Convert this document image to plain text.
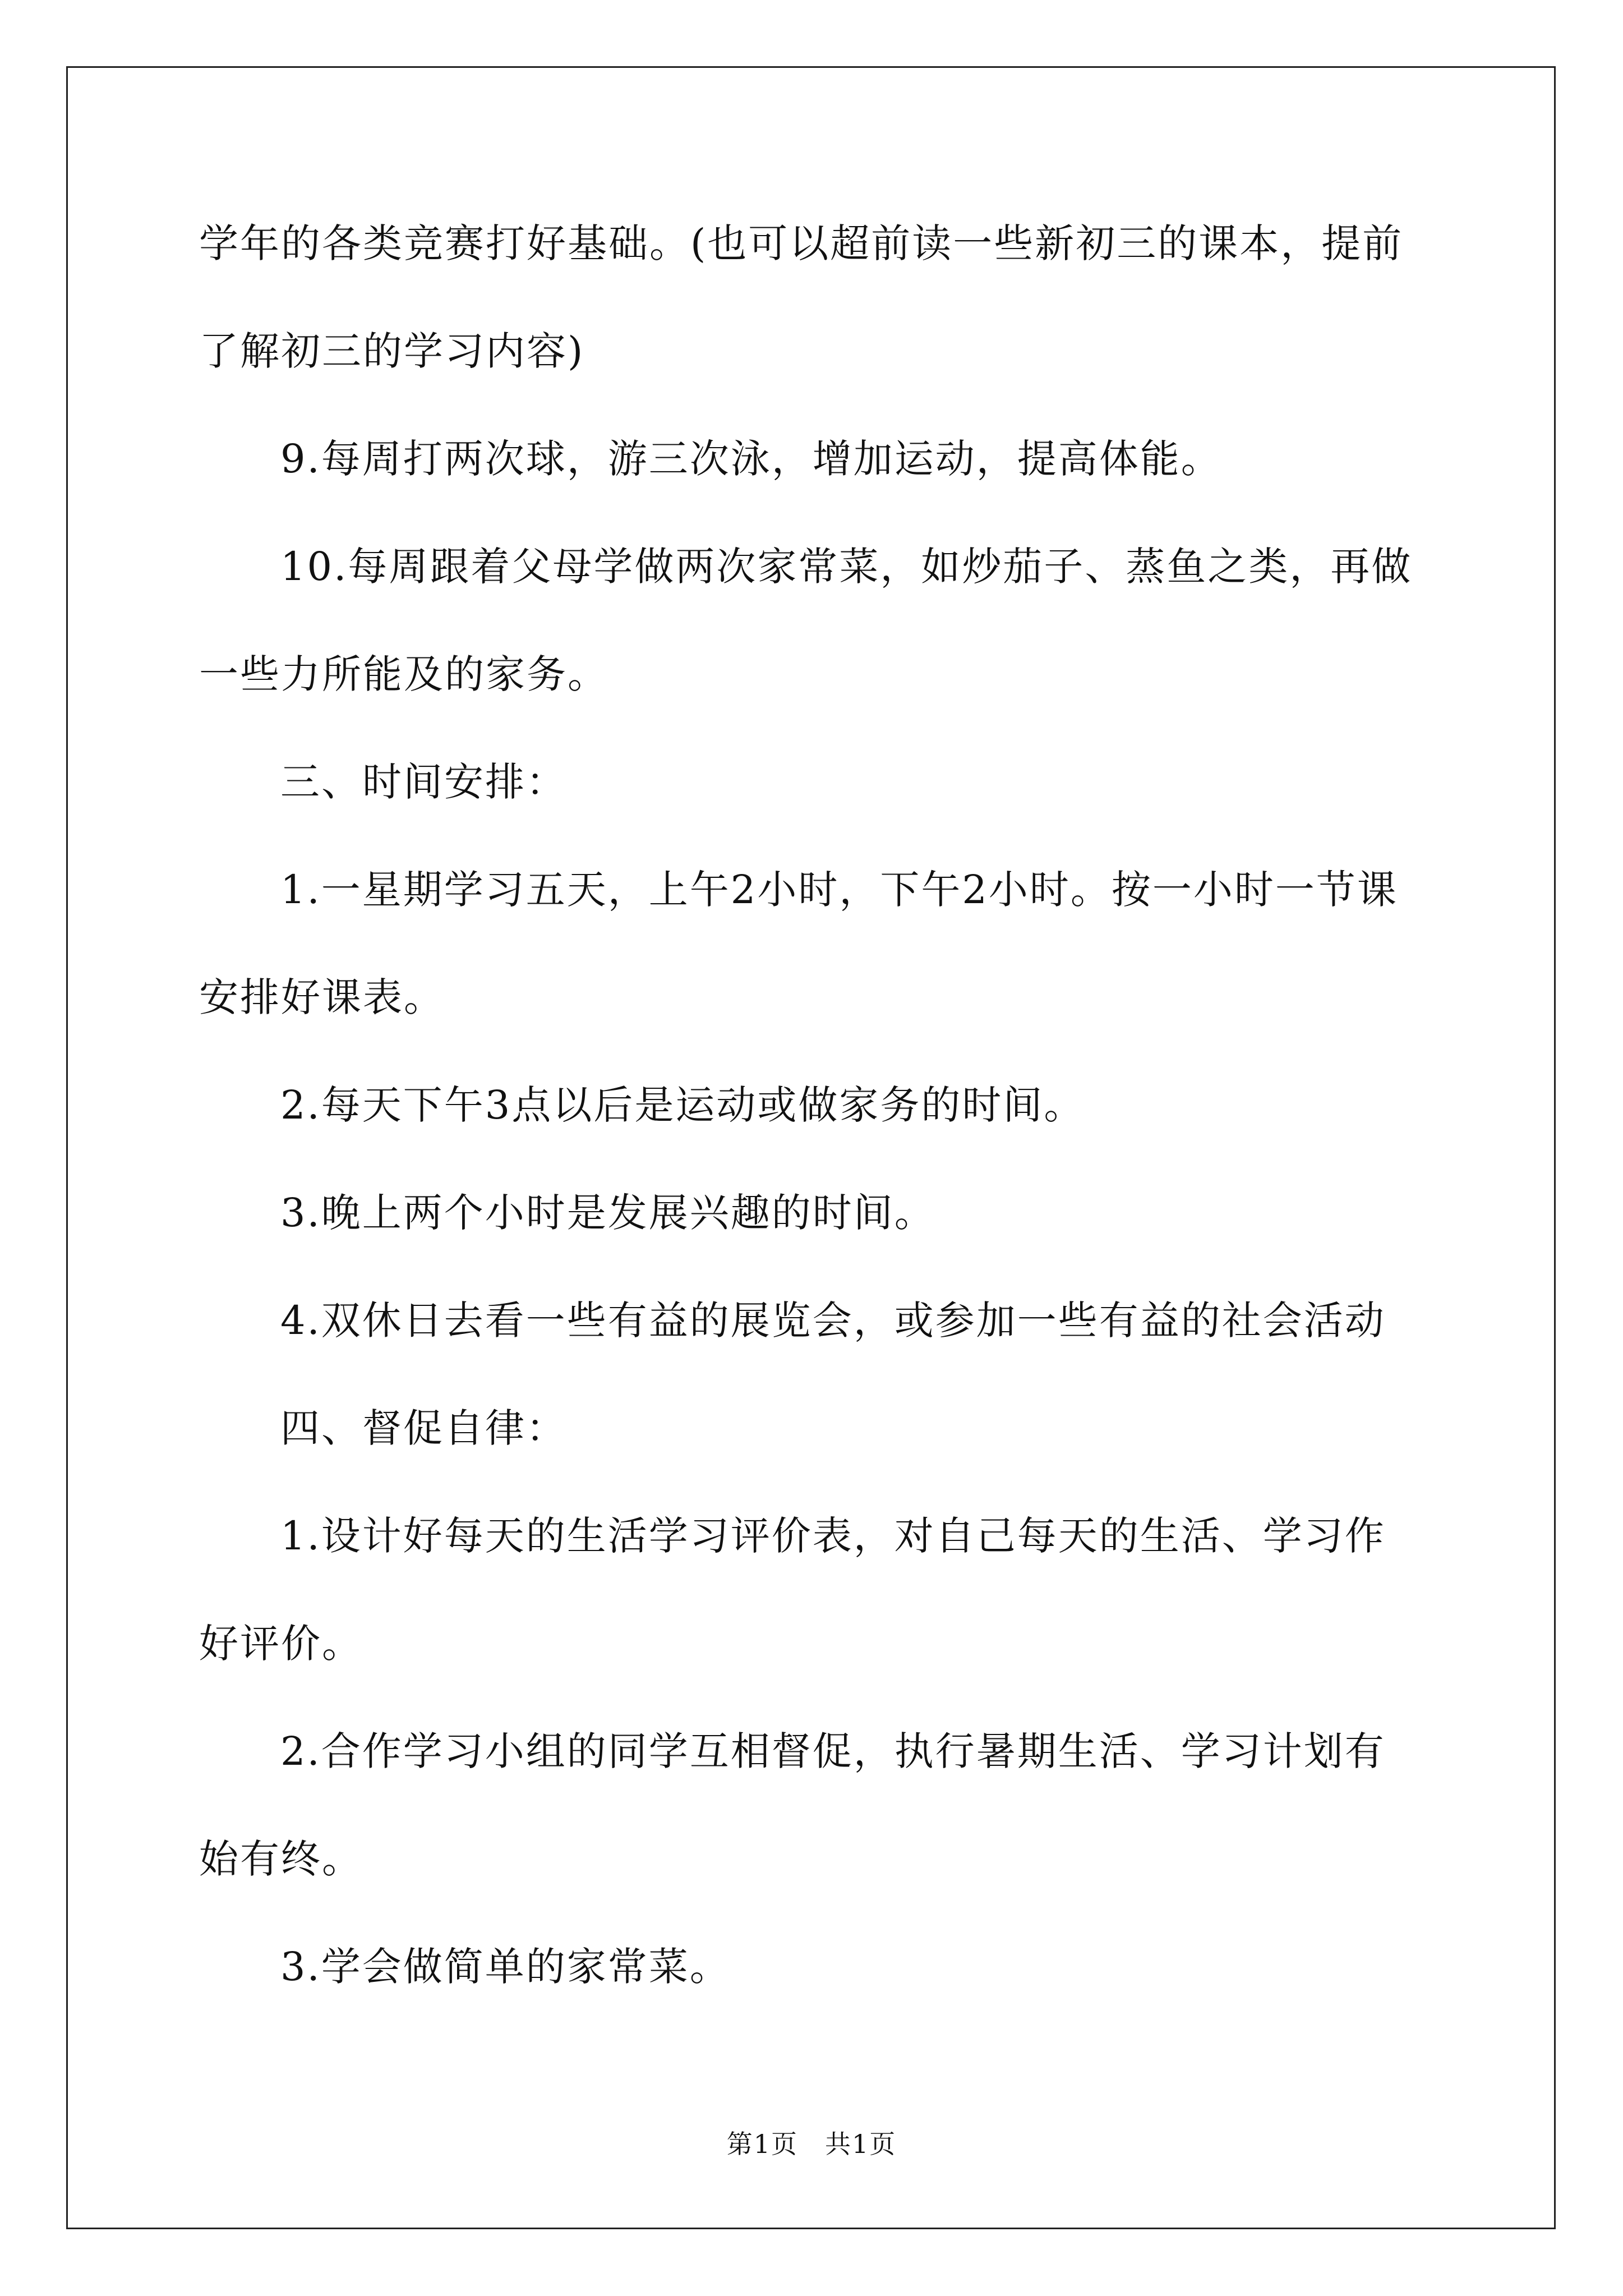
学年的各类竞赛打好基础。(也可以超前读一些新初三的课本，提前了解初三的学习内容)

9.每周打两次球，游三次泳，增加运动，提高体能。

10.每周跟着父母学做两次家常菜，如炒茄子、蒸鱼之类，再做一些力所能及的家务。

三、时间安排：

1.一星期学习五天，上午2小时，下午2小时。按一小时一节课安排好课表。

2.每天下午3点以后是运动或做家务的时间。

3.晚上两个小时是发展兴趣的时间。

4.双休日去看一些有益的展览会，或参加一些有益的社会活动

四、督促自律：

1.设计好每天的生活学习评价表，对自己每天的生活、学习作好评价。

2.合作学习小组的同学互相督促，执行暑期生活、学习计划有始有终。

3.学会做简单的家常菜。

第1页 共1页
